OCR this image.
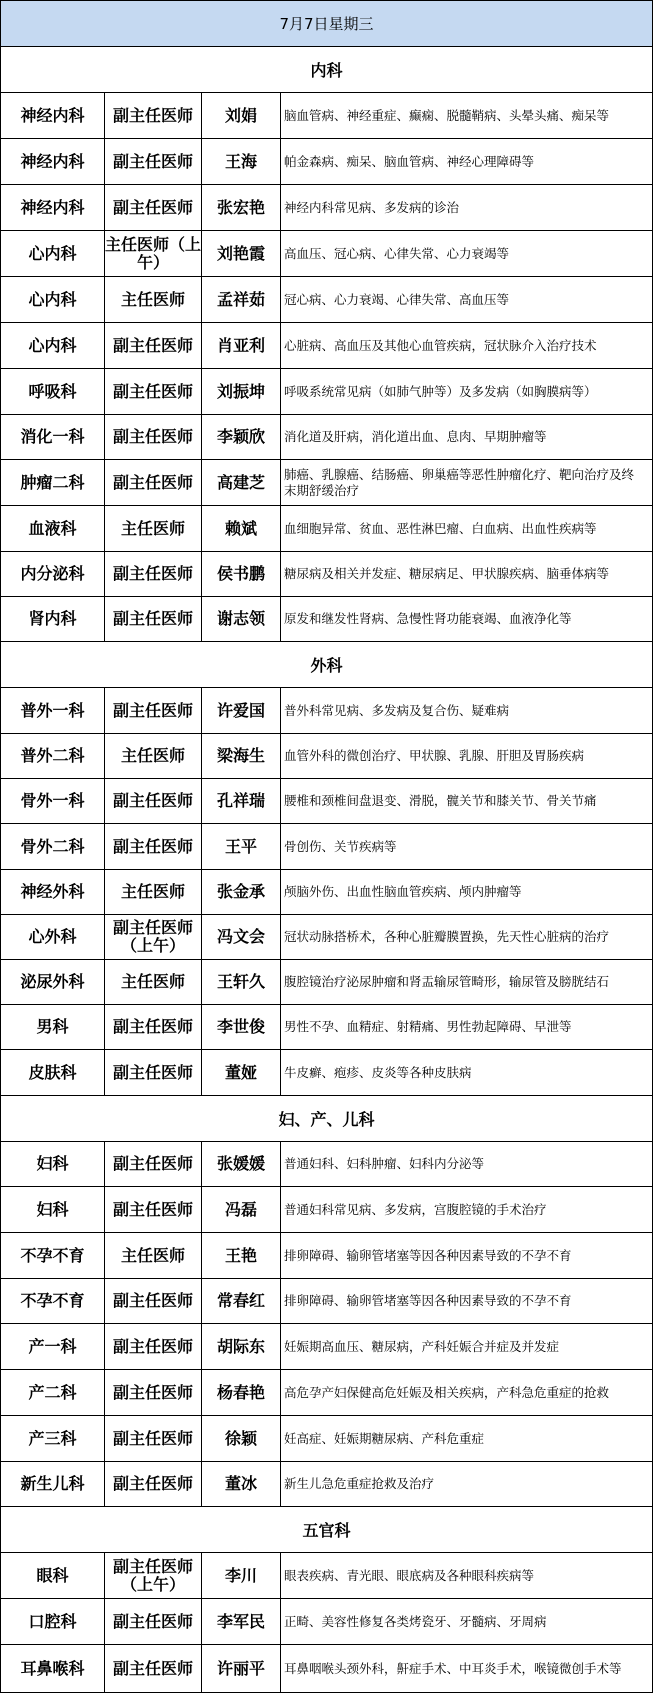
7月7日星期三			
内科			
神经内科	副主任医师	刘娟	脑血管病、神经重症、癫痫、脱髓鞘病、头晕头痛、痴呆等
神经内科	副主任医师	王海	帕金森病、痴呆、脑血管病、神经心理障碍等
神经内科	副主任医师	张宏艳	神经内科常见病、多发病的诊治
心内科	主任医师（上午）	刘艳霞	高血压、冠心病、心律失常、心力衰竭等
心内科	主任医师	孟祥茹	冠心病、心力衰竭、心律失常、高血压等
心内科	副主任医师	肖亚利	心脏病、高血压及其他心血管疾病，冠状脉介入治疗技术
呼吸科	副主任医师	刘振坤	呼吸系统常见病（如肺气肿等）及多发病（如胸膜病等）
消化一科	副主任医师	李颖欣	消化道及肝病，消化道出血、息肉、早期肿瘤等
肿瘤二科	副主任医师	高建芝	肺癌、乳腺癌、结肠癌、卵巢癌等恶性肿瘤化疗、靶向治疗及终末期舒缓治疗
血液科	主任医师	赖斌	血细胞异常、贫血、恶性淋巴瘤、白血病、出血性疾病等
内分泌科	副主任医师	侯书鹏	糖尿病及相关并发症、糖尿病足、甲状腺疾病、脑垂体病等
肾内科	副主任医师	谢志领	原发和继发性肾病、急慢性肾功能衰竭、血液净化等
外科			
普外一科	副主任医师	许爱国	普外科常见病、多发病及复合伤、疑难病
普外二科	主任医师	梁海生	血管外科的微创治疗、甲状腺、乳腺、肝胆及胃肠疾病
骨外一科	副主任医师	孔祥瑞	腰椎和颈椎间盘退变、滑脱，髋关节和膝关节、骨关节痛
骨外二科	副主任医师	王平	骨创伤、关节疾病等
神经外科	主任医师	张金承	颅脑外伤、出血性脑血管疾病、颅内肿瘤等
心外科	副主任医师（上午）	冯文会	冠状动脉搭桥术，各种心脏瓣膜置换，先天性心脏病的治疗
泌尿外科	主任医师	王轩久	腹腔镜治疗泌尿肿瘤和肾盂输尿管畸形，输尿管及膀胱结石
男科	副主任医师	李世俊	男性不孕、血精症、射精痛、男性勃起障碍、早泄等
皮肤科	副主任医师	董娅	牛皮癣、疱疹、皮炎等各种皮肤病
妇、产、儿科			
妇科	副主任医师	张媛媛	普通妇科、妇科肿瘤、妇科内分泌等
妇科	副主任医师	冯磊	普通妇科常见病、多发病，宫腹腔镜的手术治疗
不孕不育	主任医师	王艳	排卵障碍、输卵管堵塞等因各种因素导致的不孕不育
不孕不育	副主任医师	常春红	排卵障碍、输卵管堵塞等因各种因素导致的不孕不育
产一科	副主任医师	胡际东	妊娠期高血压、糖尿病，产科妊娠合并症及并发症
产二科	副主任医师	杨春艳	高危孕产妇保健高危妊娠及相关疾病，产科急危重症的抢救
产三科	副主任医师	徐颖	妊高症、妊娠期糖尿病、产科危重症
新生儿科	副主任医师	董冰	新生儿急危重症抢救及治疗
五官科			
眼科	副主任医师（上午）	李川	眼表疾病、青光眼、眼底病及各种眼科疾病等
口腔科	副主任医师	李军民	正畸、美容性修复各类烤瓷牙、牙髓病、牙周病
耳鼻喉科	副主任医师	许丽平	耳鼻咽喉头颈外科，鼾症手术、中耳炎手术，喉镜微创手术等
